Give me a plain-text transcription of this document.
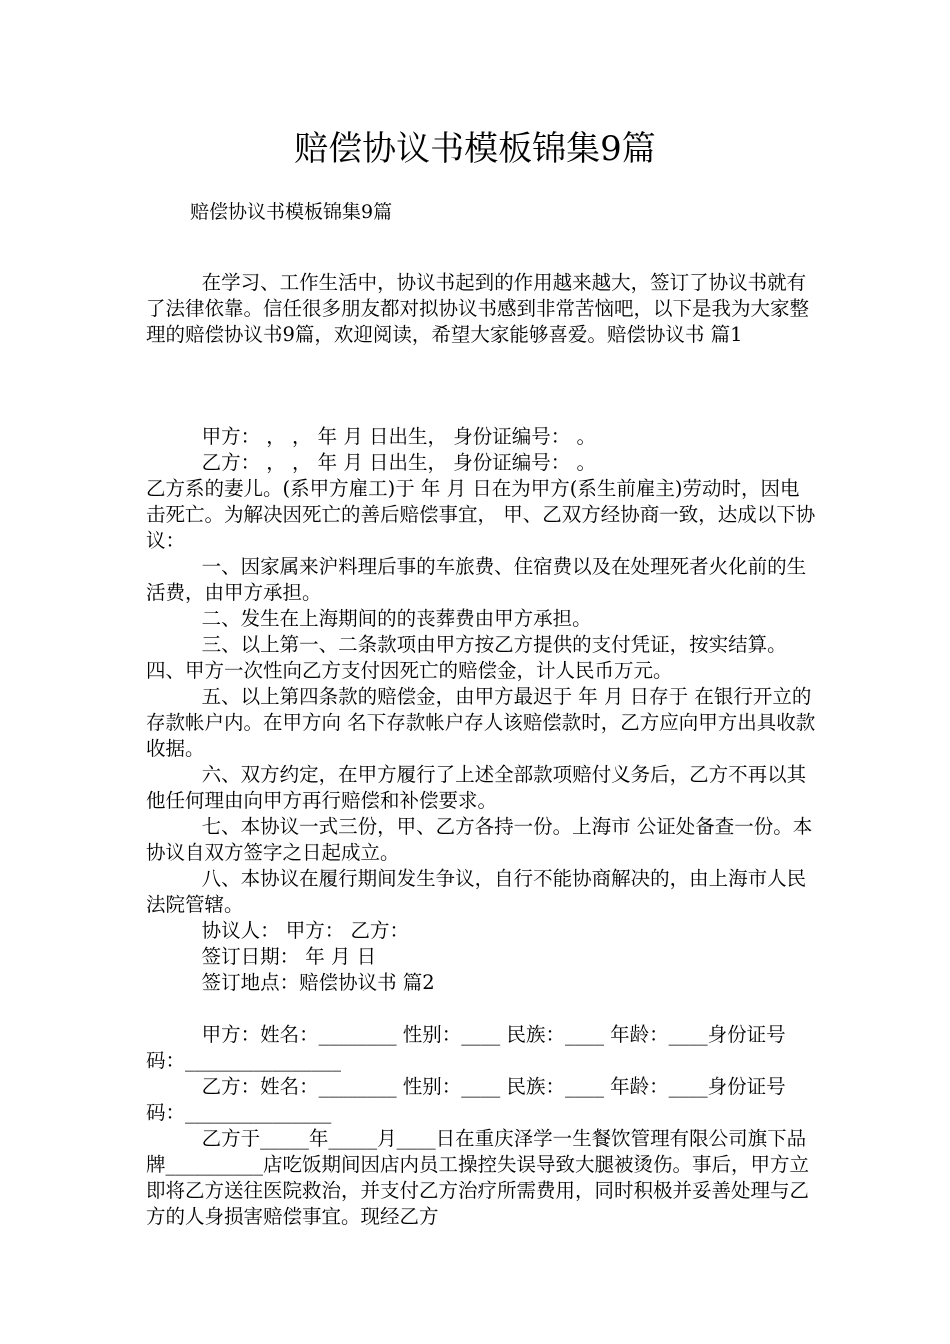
赔偿协议书模板锦集9篇
赔偿协议书模板锦集9篇

在学习、工作生活中，协议书起到的作用越来越大，签订了协议书就有了法律依靠。信任很多朋友都对拟协议书感到非常苦恼吧，以下是我为大家整理的赔偿协议书9篇，欢迎阅读，希望大家能够喜爱。赔偿协议书 篇1

甲方： ， ， 年 月 日出生， 身份证编号： 。

乙方： ， ， 年 月 日出生， 身份证编号： 。

乙方系的妻儿。(系甲方雇工)于 年 月 日在为甲方(系生前雇主)劳动时，因电击死亡。为解决因死亡的善后赔偿事宜， 甲、乙双方经协商一致，达成以下协议：

一、因家属来沪料理后事的车旅费、住宿费以及在处理死者火化前的生活费，由甲方承担。

二、发生在上海期间的的丧葬费由甲方承担。

三、以上第一、二条款项由甲方按乙方提供的支付凭证，按实结算。 四、甲方一次性向乙方支付因死亡的赔偿金，计人民币万元。

五、以上第四条款的赔偿金，由甲方最迟于 年 月 日存于 在银行开立的存款帐户内。在甲方向 名下存款帐户存人该赔偿款时，乙方应向甲方出具收款收据。

六、双方约定，在甲方履行了上述全部款项赔付义务后，乙方不再以其他任何理由向甲方再行赔偿和补偿要求。

七、本协议一式三份，甲、乙方各持一份。上海市 公证处备查一份。本协议自双方签字之日起成立。

八、本协议在履行期间发生争议，自行不能协商解决的，由上海市人民法院管辖。

协议人： 甲方： 乙方：

签订日期： 年 月 日

签订地点：赔偿协议书 篇2

甲方：姓名：________ 性别：____ 民族：____ 年龄：____身份证号码：________________

乙方：姓名：________ 性别：____ 民族：____ 年龄：____身份证号码：_______________

乙方于_____年_____月____日在重庆泽学一生餐饮管理有限公司旗下品牌__________店吃饭期间因店内员工操控失误导致大腿被烫伤。事后，甲方立即将乙方送往医院救治，并支付乙方治疗所需费用，同时积极并妥善处理与乙方的人身损害赔偿事宜。现经乙方
